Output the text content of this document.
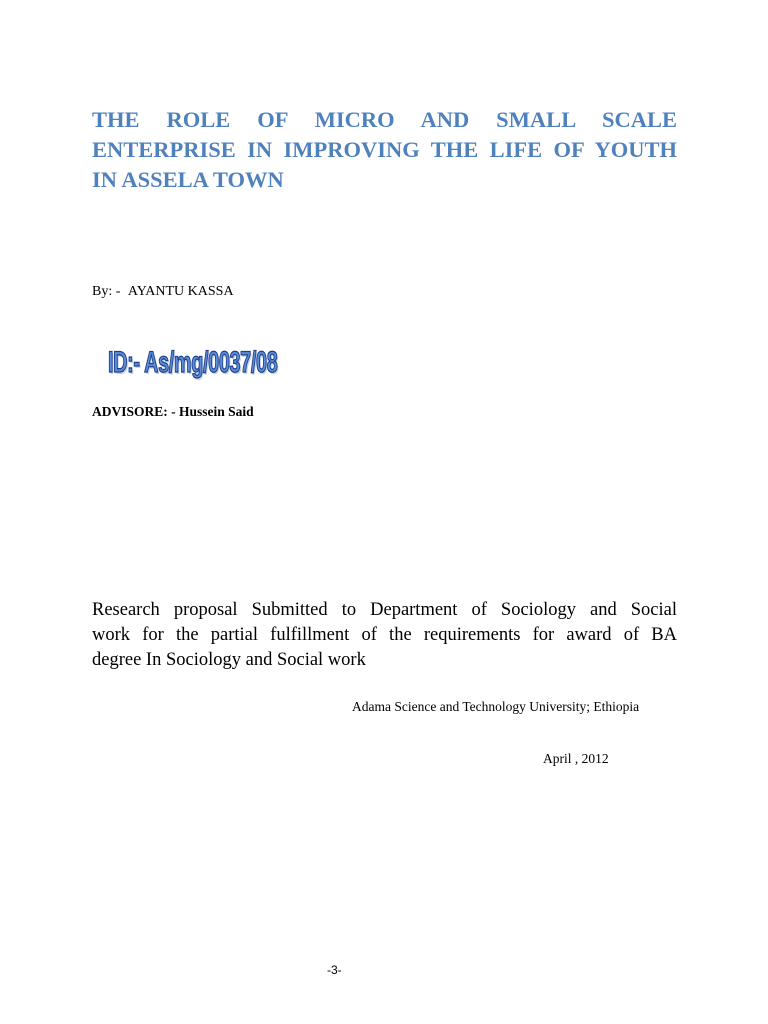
THE ROLE OF MICRO AND SMALL SCALE
ENTERPRISE IN IMPROVING THE LIFE OF YOUTH
IN ASSELA TOWN
By: - AYANTU KASSA
ID:- As/mg/0037/08
ADVISORE: - Hussein Said
Research proposal Submitted to Department of Sociology and Social
work for the partial fulfillment of the requirements for award of BA
degree In Sociology and Social work
Adama Science and Technology University; Ethiopia
April , 2012
-3-
